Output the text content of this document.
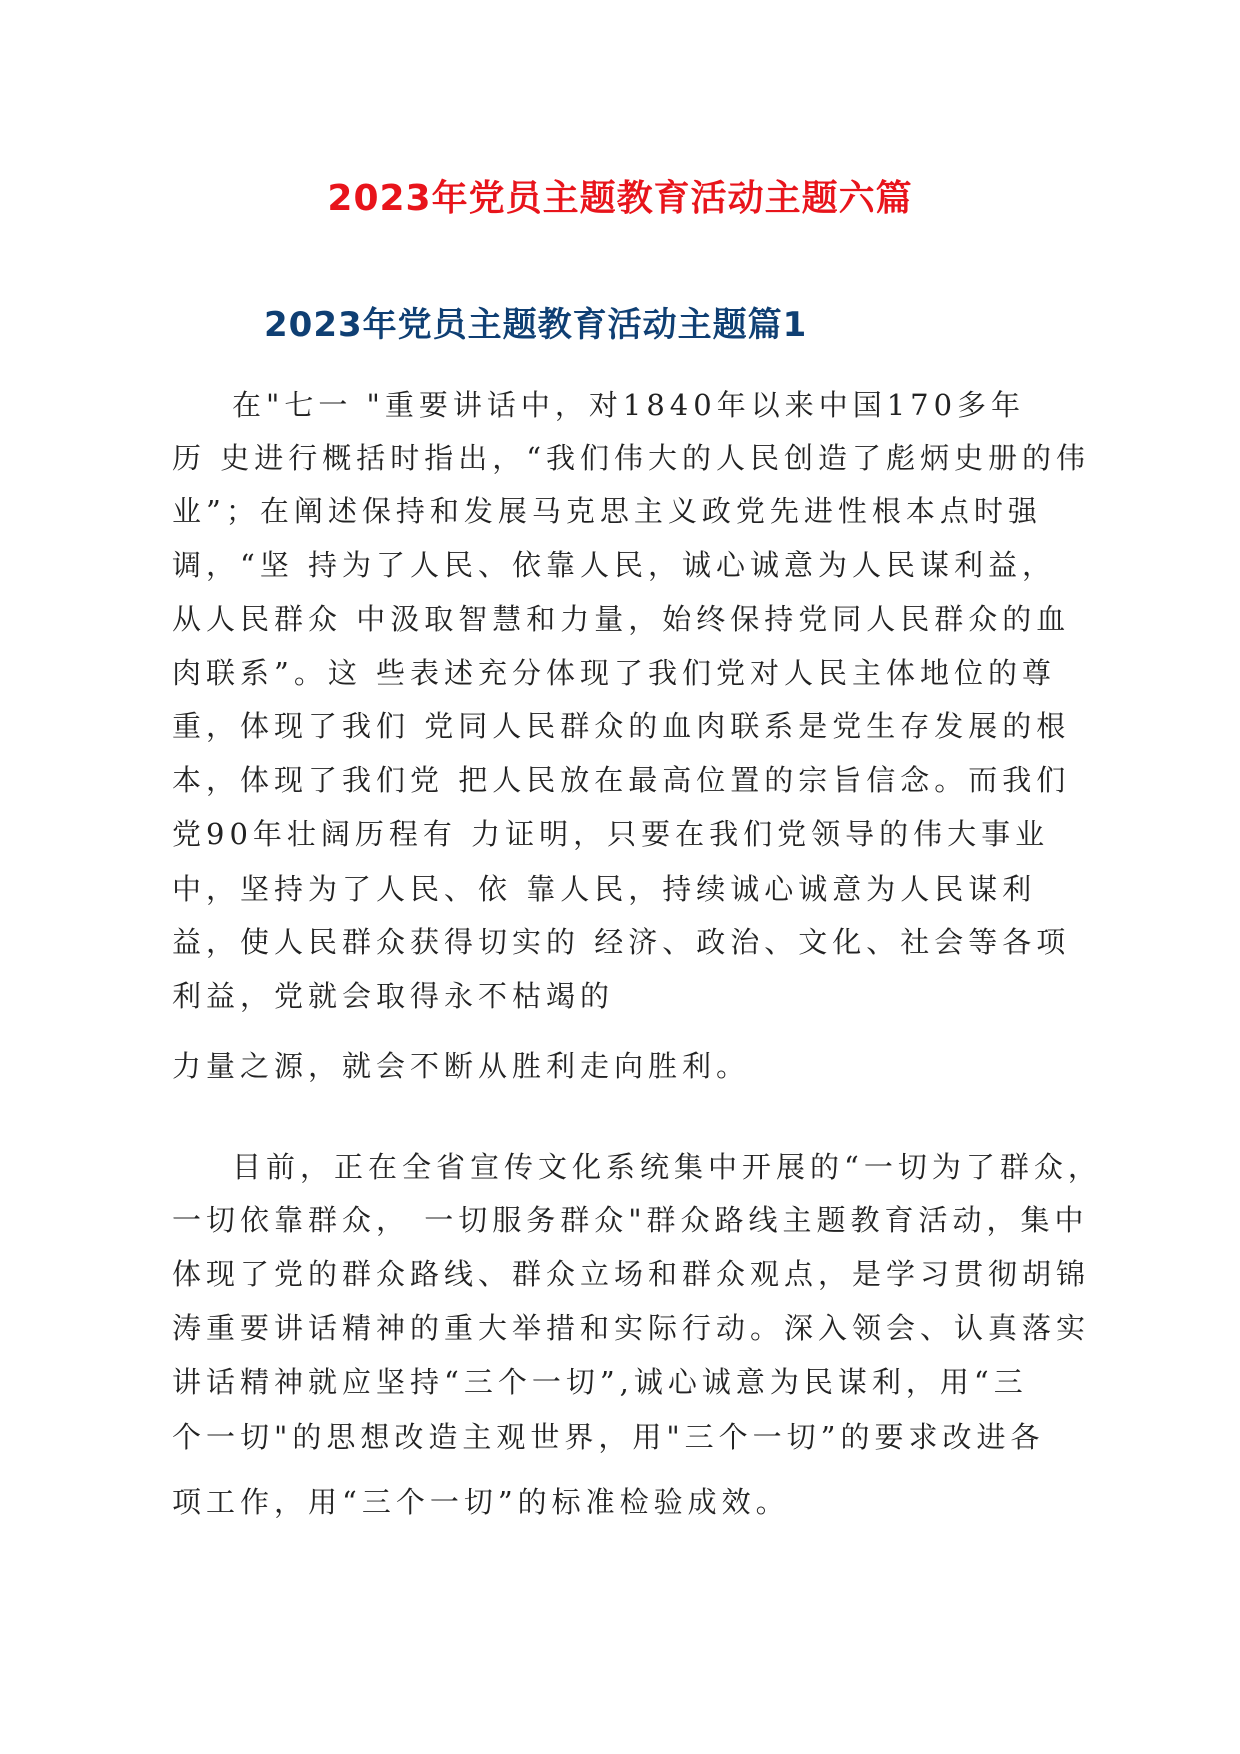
2023年党员主题教育活动主题六篇
2023年党员主题教育活动主题篇1
在"七一 "重要讲话中，对1840年以来中国170多年
历 史进行概括时指出，“我们伟大的人民创造了彪炳史册的伟
业”；在阐述保持和发展马克思主义政党先进性根本点时强
调，“坚 持为了人民、依靠人民，诚心诚意为人民谋利益，
从人民群众 中汲取智慧和力量，始终保持党同人民群众的血
肉联系”。这 些表述充分体现了我们党对人民主体地位的尊
重，体现了我们 党同人民群众的血肉联系是党生存发展的根
本，体现了我们党 把人民放在最高位置的宗旨信念。而我们
党90年壮阔历程有 力证明，只要在我们党领导的伟大事业
中，坚持为了人民、依 靠人民，持续诚心诚意为人民谋利
益，使人民群众获得切实的 经济、政治、文化、社会等各项
利益，党就会取得永不枯竭的
力量之源，就会不断从胜利走向胜利。
目前，正在全省宣传文化系统集中开展的“一切为了群众，
一切依靠群众， 一切服务群众"群众路线主题教育活动，集中
体现了党的群众路线、群众立场和群众观点，是学习贯彻胡锦
涛重要讲话精神的重大举措和实际行动。深入领会、认真落实
讲话精神就应坚持“三个一切”,诚心诚意为民谋利，用“三
个一切"的思想改造主观世界，用"三个一切”的要求改进各
项工作，用“三个一切”的标准检验成效。
